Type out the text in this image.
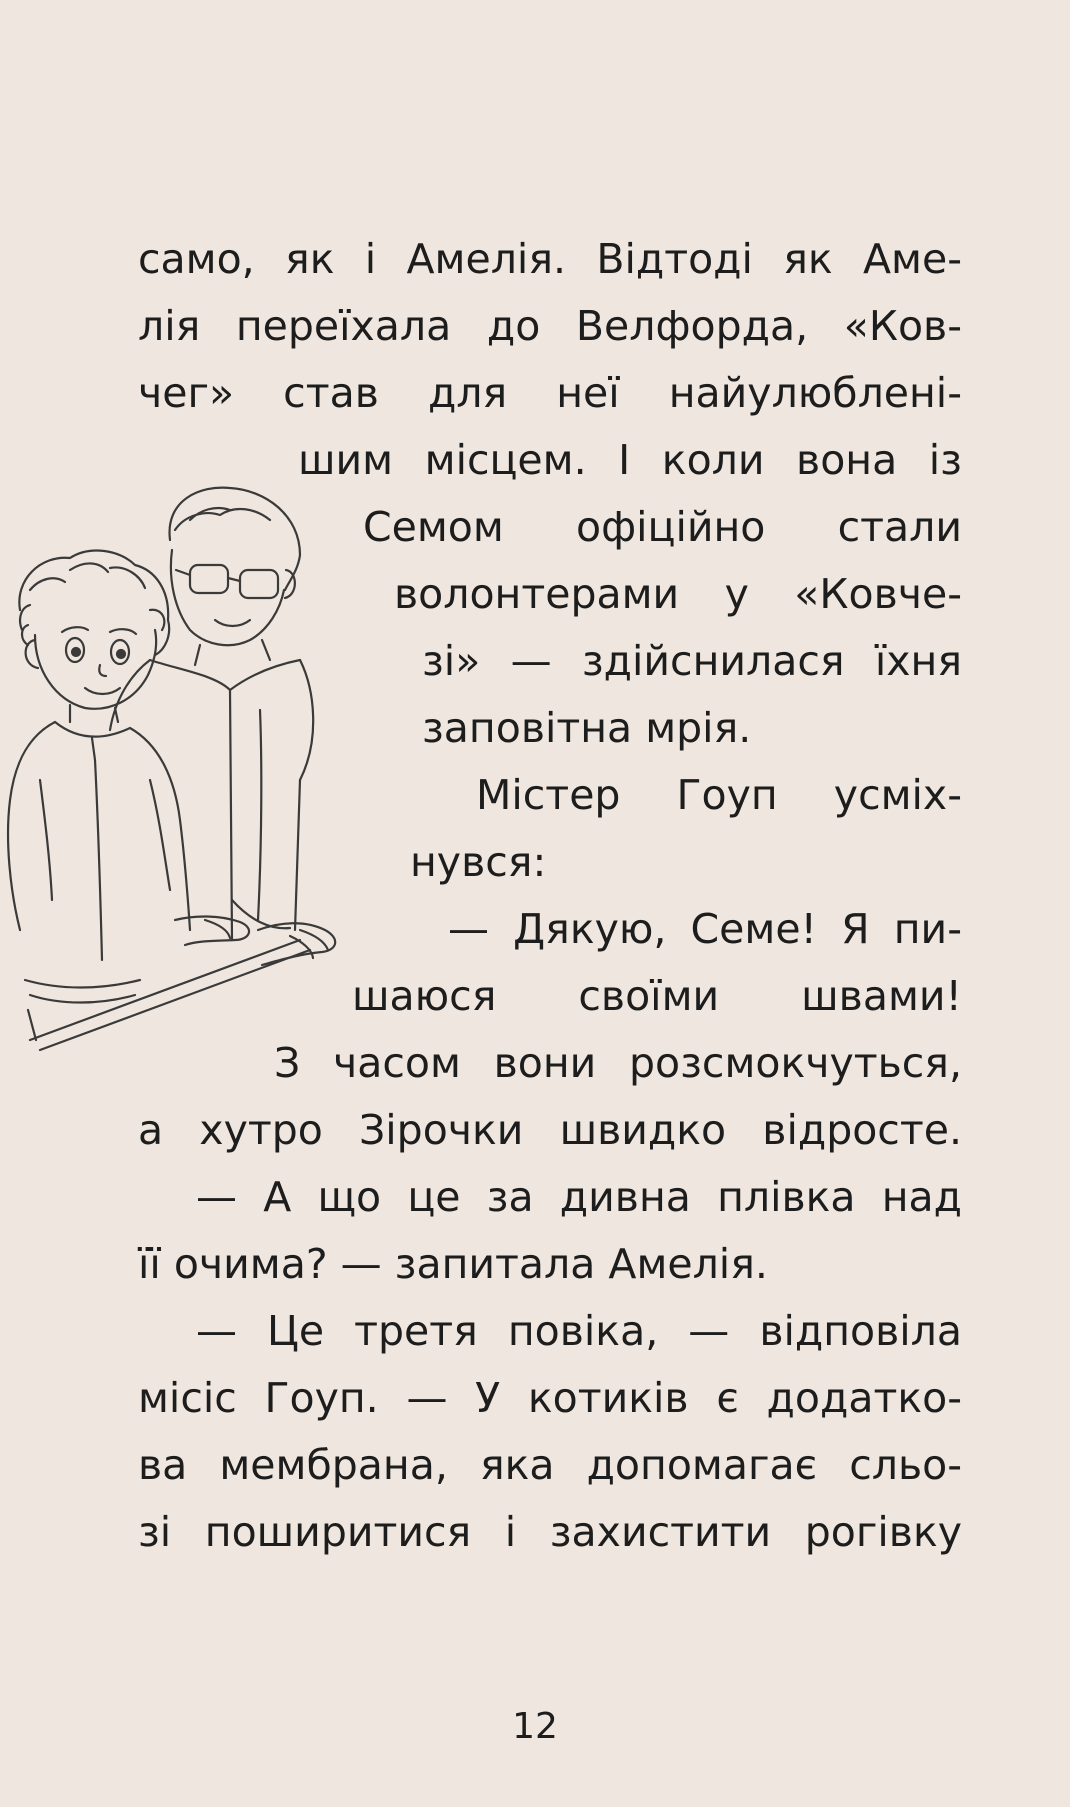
само, як і Амелія. Відтоді як Аме-
лія переїхала до Велфорда, «Ков-
чег» став для неї найулюблені-
шим місцем. І коли вона із
Семом офіційно стали
волонтерами у «Ковче-
зі» — здійснилася їхня
заповітна мрія.
Містер Гоуп усміх-
нувся:
— Дякую, Семе! Я пи-
шаюся своїми швами!
З часом вони розсмокчуться,
а хутро Зірочки швидко відросте.
— А що це за дивна плівка над
її очима? — запитала Амелія.
— Це третя повіка, — відповіла
місіс Гоуп. — У котиків є додатко-
ва мембрана, яка допомагає сльо-
зі поширитися і захистити рогівку
12
